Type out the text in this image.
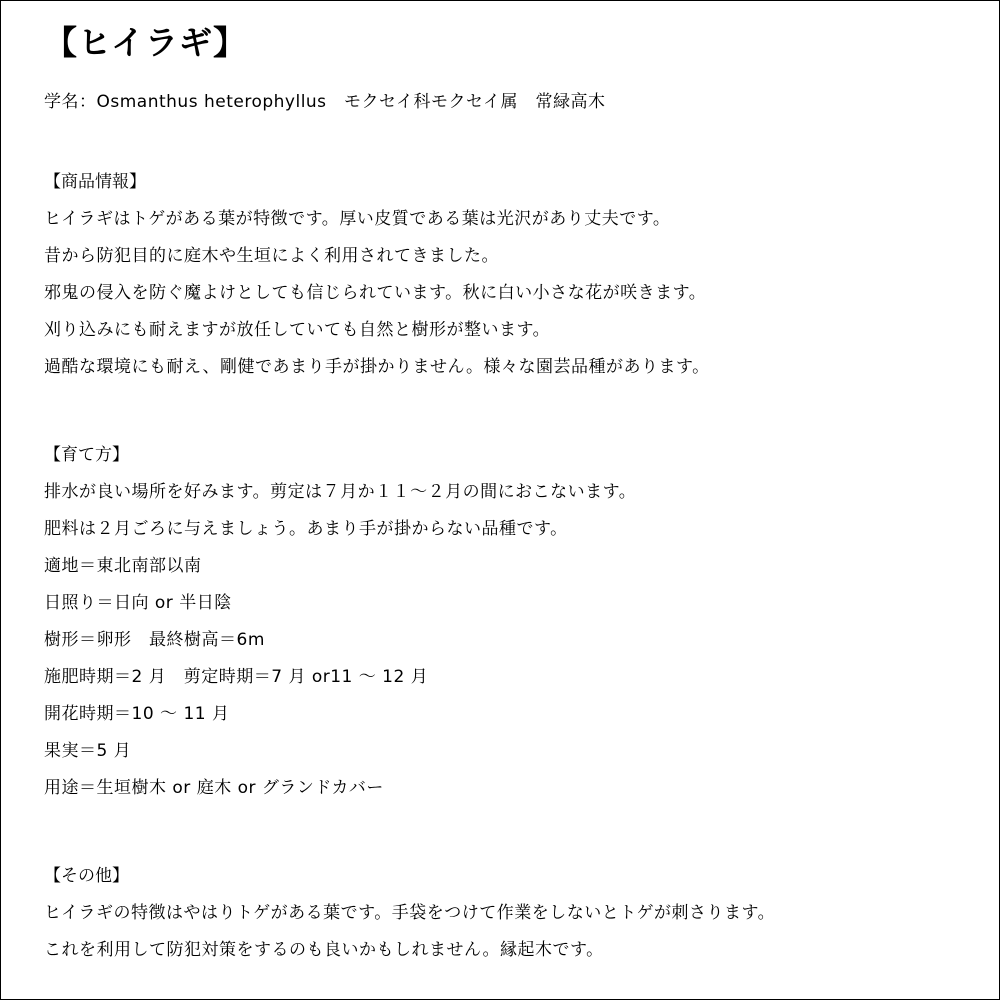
【ヒイラギ】
学名：Osmanthus heterophyllus　モクセイ科モクセイ属　常緑高木
【商品情報】
ヒイラギはトゲがある葉が特徴です。厚い皮質である葉は光沢があり丈夫です。
昔から防犯目的に庭木や生垣によく利用されてきました。
邪鬼の侵入を防ぐ魔よけとしても信じられています。秋に白い小さな花が咲きます。
刈り込みにも耐えますが放任していても自然と樹形が整います。
過酷な環境にも耐え、剛健であまり手が掛かりません。様々な園芸品種があります。
【育て方】
排水が良い場所を好みます。剪定は７月か１１～２月の間におこないます。
肥料は２月ごろに与えましょう。あまり手が掛からない品種です。
適地＝東北南部以南
日照り＝日向 or 半日陰
樹形＝卵形　最終樹高＝6m
施肥時期＝2 月　剪定時期＝7 月 or11 ～ 12 月
開花時期＝10 ～ 11 月
果実＝5 月
用途＝生垣樹木 or 庭木 or グランドカバー
【その他】
ヒイラギの特徴はやはりトゲがある葉です。手袋をつけて作業をしないとトゲが刺さります。
これを利用して防犯対策をするのも良いかもしれません。縁起木です。
